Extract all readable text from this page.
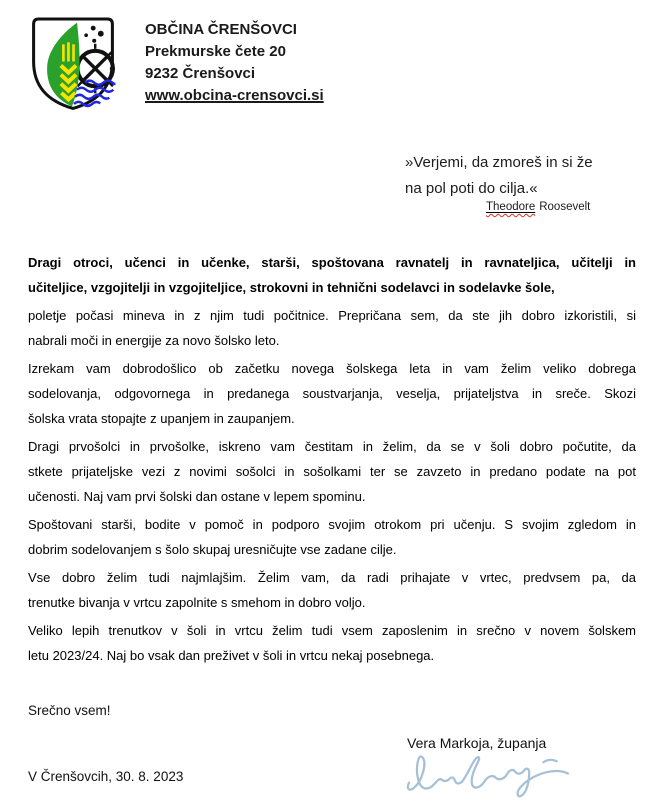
OBČINA ČRENŠOVCI
Prekmurske čete 20
9232 Črenšovci
www.obcina-crensovci.si
»Verjemi, da zmoreš in si že
na pol poti do cilja.«
Theodore Roosevelt

Dragi otroci, učenci in učenke, starši, spoštovana ravnatelj in ravnateljica, učitelji in
učiteljice, vzgojitelji in vzgojiteljice, strokovni in tehnični sodelavci in sodelavke šole,

poletje počasi mineva in z njim tudi počitnice. Prepričana sem, da ste jih dobro izkoristili, si
nabrali moči in energije za novo šolsko leto.

Izrekam vam dobrodošlico ob začetku novega šolskega leta in vam želim veliko dobrega
sodelovanja, odgovornega in predanega soustvarjanja, veselja, prijateljstva in sreče. Skozi
šolska vrata stopajte z upanjem in zaupanjem.

Dragi prvošolci in prvošolke, iskreno vam čestitam in želim, da se v šoli dobro počutite, da
stkete prijateljske vezi z novimi sošolci in sošolkami ter se zavzeto in predano podate na pot
učenosti. Naj vam prvi šolski dan ostane v lepem spominu.

Spoštovani starši, bodite v pomoč in podporo svojim otrokom pri učenju. S svojim zgledom in
dobrim sodelovanjem s šolo skupaj uresničujte vse zadane cilje.

Vse dobro želim tudi najmlajšim. Želim vam, da radi prihajate v vrtec, predvsem pa, da
trenutke bivanja v vrtcu zapolnite s smehom in dobro voljo.

Veliko lepih trenutkov v šoli in vrtcu želim tudi vsem zaposlenim in srečno v novem šolskem
letu 2023/24. Naj bo vsak dan preživet v šoli in vrtcu nekaj posebnega.

Srečno vsem!
Vera Markoja, županja
V Črenšovcih, 30. 8. 2023
